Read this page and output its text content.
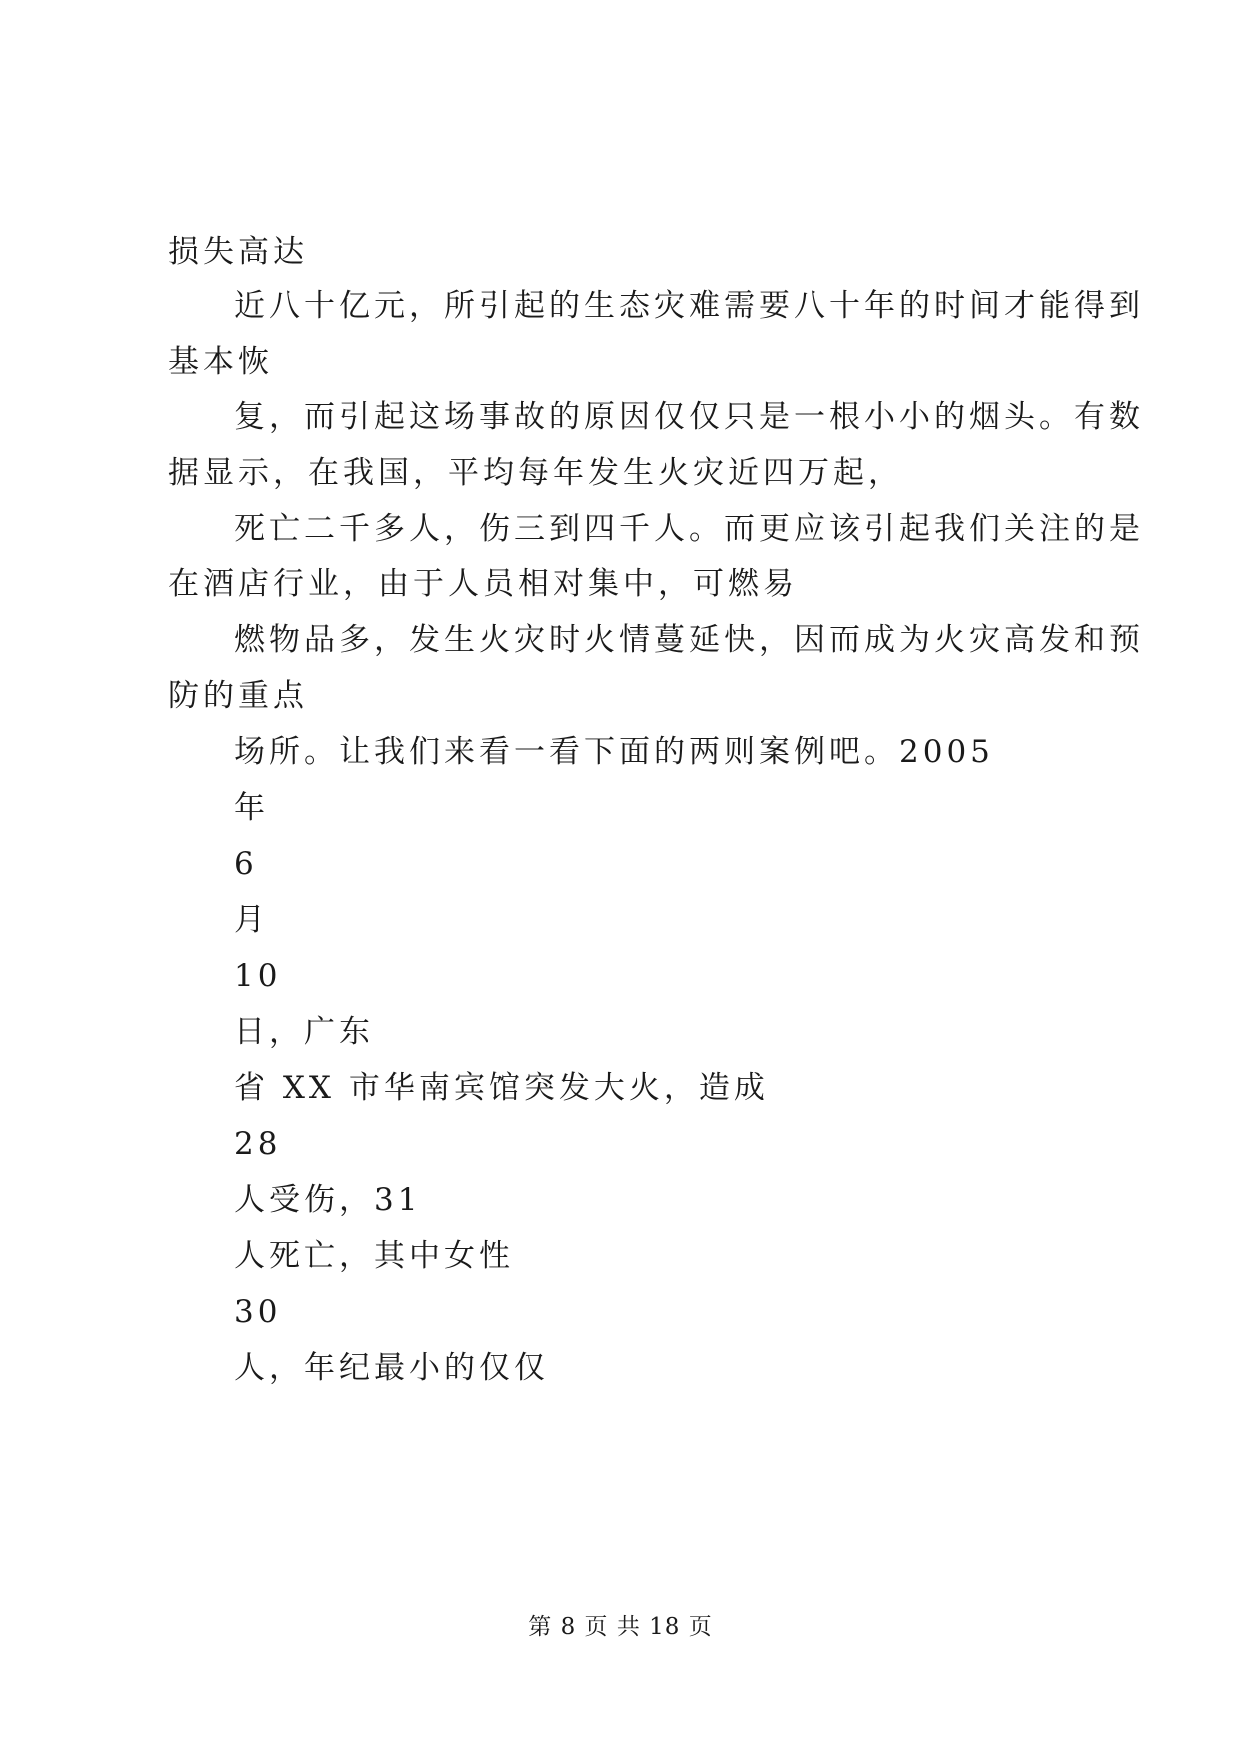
损失高达
近八十亿元，所引起的生态灾难需要八十年的时间才能得到
基本恢
复，而引起这场事故的原因仅仅只是一根小小的烟头。有数
据显示，在我国，平均每年发生火灾近四万起，
死亡二千多人，伤三到四千人。而更应该引起我们关注的是
在酒店行业，由于人员相对集中，可燃易
燃物品多，发生火灾时火情蔓延快，因而成为火灾高发和预
防的重点
场所。让我们来看一看下面的两则案例吧。2005
年
6
月
10
日，广东
省 XX 市华南宾馆突发大火，造成
28
人受伤，31
人死亡，其中女性
30
人，年纪最小的仅仅
第 8 页 共 18 页
